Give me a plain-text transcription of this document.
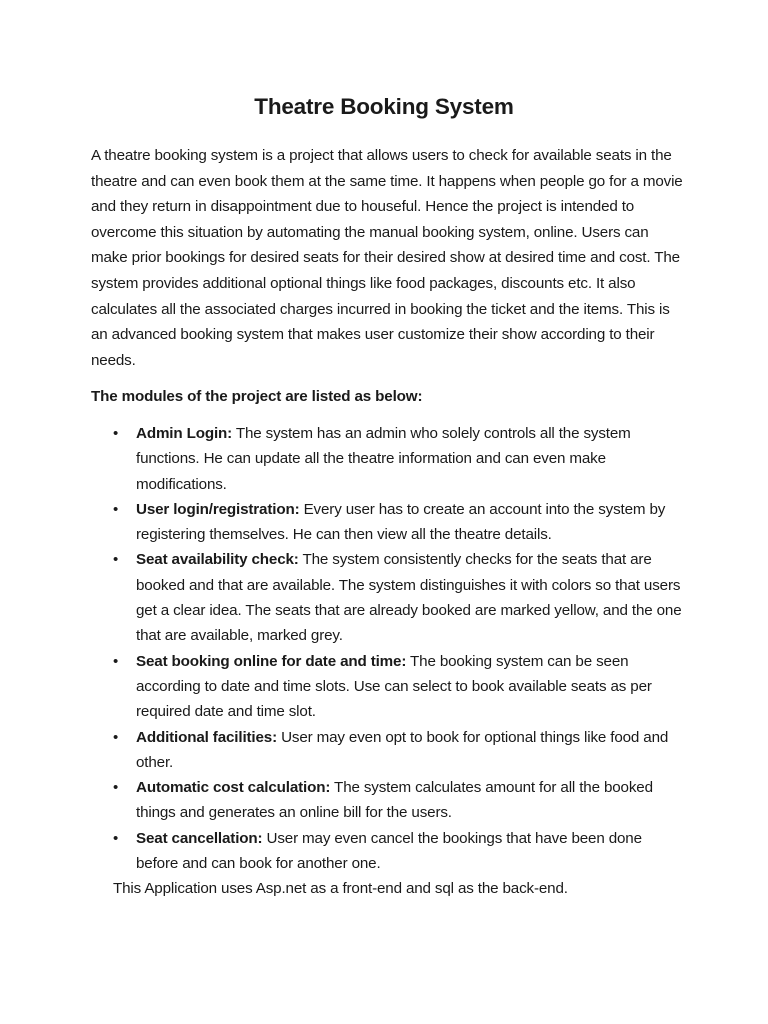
Theatre Booking System

A theatre booking system is a project that allows users to check for available seats in the theatre and can even book them at the same time. It happens when people go for a movie and they return in disappointment due to houseful. Hence the project is intended to overcome this situation by automating the manual booking system, online. Users can make prior bookings for desired seats for their desired show at desired time and cost. The system provides additional optional things like food packages, discounts etc. It also calculates all the associated charges incurred in booking the ticket and the items. This is an advanced booking system that makes user customize their show according to their needs.

The modules of the project are listed as below:

• Admin Login: The system has an admin who solely controls all the system functions. He can update all the theatre information and can even make modifications.
• User login/registration: Every user has to create an account into the system by registering themselves. He can then view all the theatre details.
• Seat availability check: The system consistently checks for the seats that are booked and that are available. The system distinguishes it with colors so that users get a clear idea. The seats that are already booked are marked yellow, and the one that are available, marked grey.
• Seat booking online for date and time: The booking system can be seen according to date and time slots. Use can select to book available seats as per required date and time slot.
• Additional facilities: User may even opt to book for optional things like food and other.
• Automatic cost calculation: The system calculates amount for all the booked things and generates an online bill for the users.
• Seat cancellation: User may even cancel the bookings that have been done before and can book for another one.

This Application uses Asp.net as a front-end and sql as the back-end.
